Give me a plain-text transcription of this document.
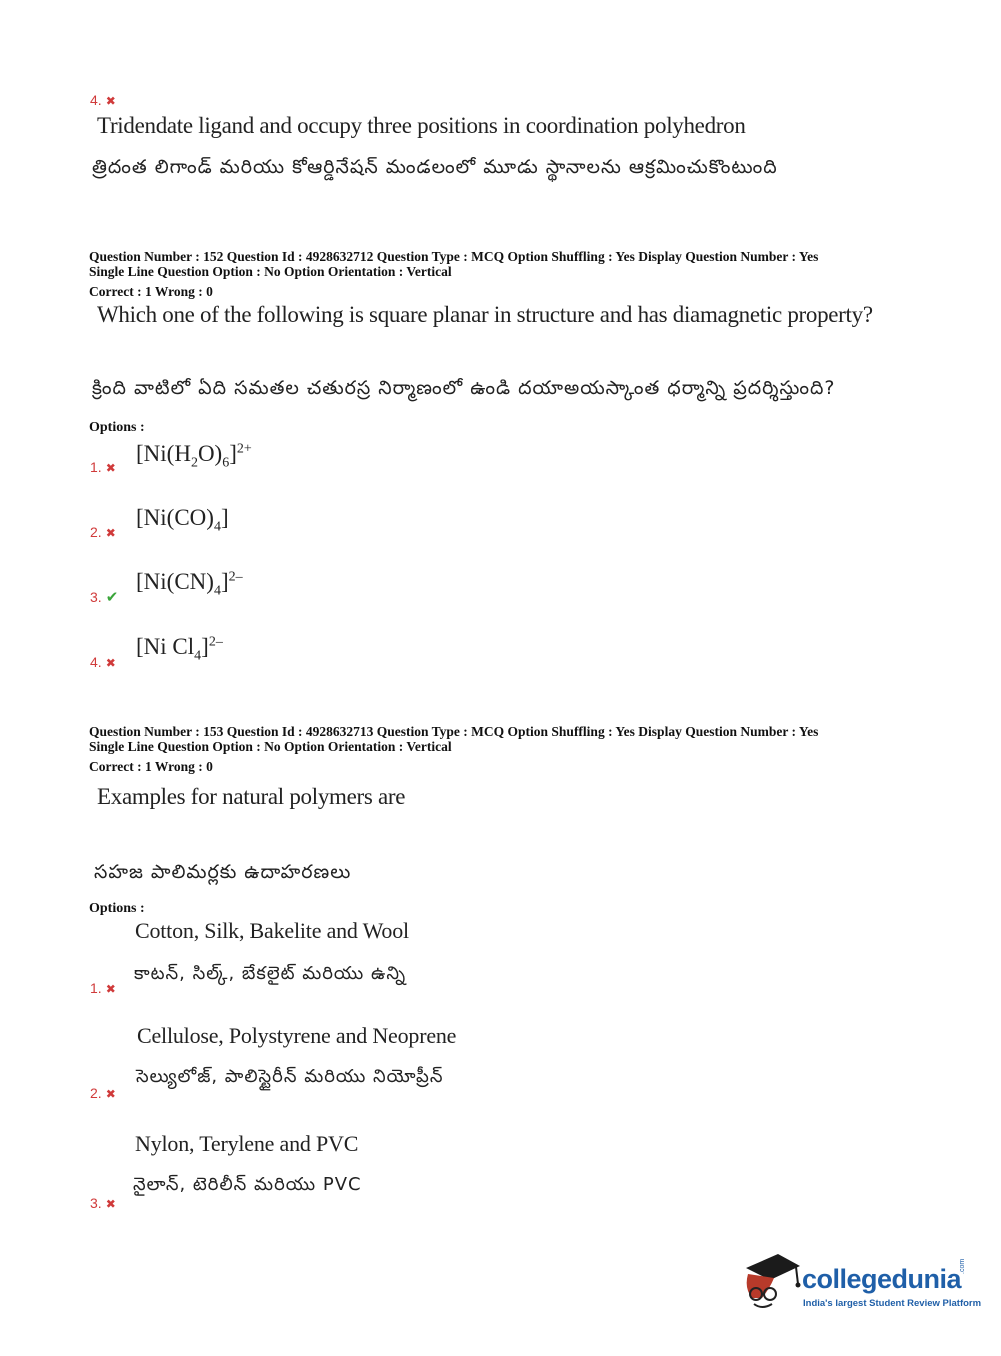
4. ✖
Tridendate ligand and occupy three positions in coordination polyhedron
త్రిదంత లిగాండ్ మరియు కోఆర్డినేషన్ మండలంలో మూడు స్థానాలను ఆక్రమించుకొంటుంది
Question Number : 152 Question Id : 4928632712 Question Type : MCQ Option Shuffling : Yes Display Question Number : Yes
Single Line Question Option : No Option Orientation : Vertical
Correct : 1 Wrong : 0
Which one of the following is square planar in structure and has diamagnetic property?
క్రింది వాటిలో ఏది సమతల చతురస్ర నిర్మాణంలో ఉండి దయాఅయస్కాంత ధర్మాన్ని ప్రదర్శిస్తుంది?
Options :
1. ✖
$[Ni(H_2O)_6]^{2+}$
2. ✖
$[Ni(CO)_4]$
3. ✔
$[Ni(CN)_4]^{2-}$
4. ✖
[Ni $Cl_4]^{2-}$
Question Number : 153 Question Id : 4928632713 Question Type : MCQ Option Shuffling : Yes Display Question Number : Yes
Single Line Question Option : No Option Orientation : Vertical
Correct : 1 Wrong : 0
Examples for natural polymers are
సహజ పాలిమర్లకు ఉదాహరణలు
Options :
Cotton, Silk, Bakelite and Wool
కాటన్, సిల్క్, బేకలైట్ మరియు ఉన్ని
1. ✖
Cellulose, Polystyrene and Neoprene
సెల్యులోజ్, పాలిస్టైరీన్ మరియు నియోప్రీన్
2. ✖
Nylon, Terylene and PVC
నైలాన్, టెరిలీన్ మరియు PVC
3. ✖
collegedunia
.com
India's largest Student Review Platform
